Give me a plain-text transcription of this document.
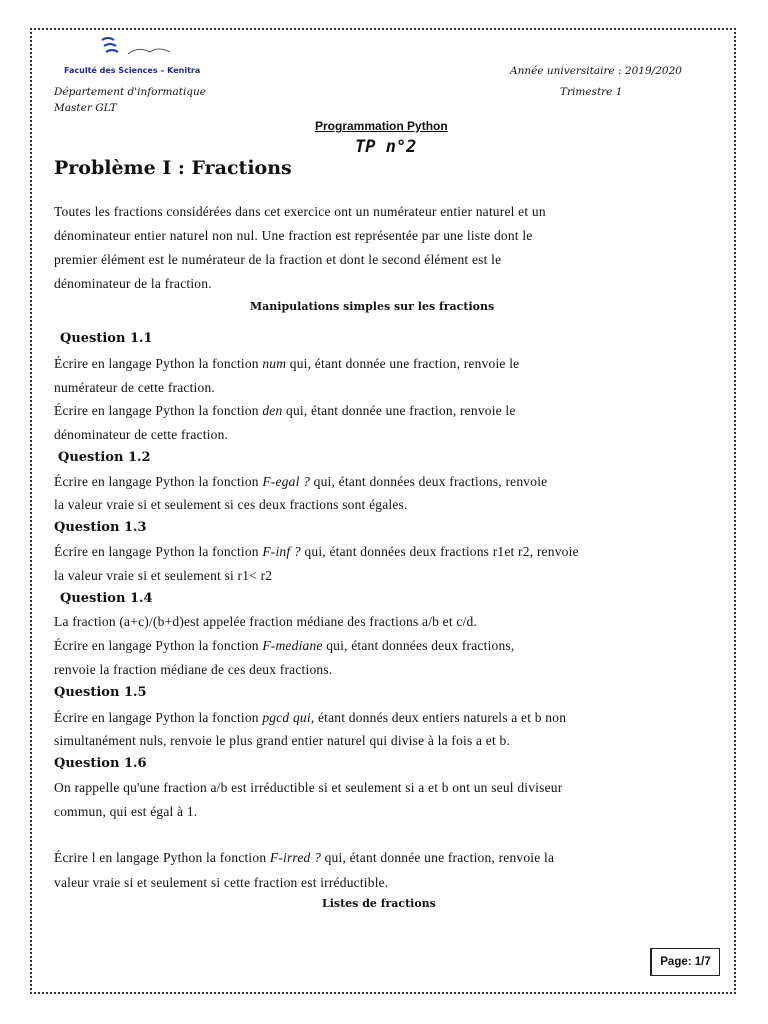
Faculté des Sciences – Kenitra
Département d'informatique
Master GLT
Année universitaire : 2019/2020
Trimestre 1
Programmation Python
TP n°2
Problème I : Fractions
Toutes les fractions considérées dans cet exercice ont un numérateur entier naturel et un
dénominateur entier naturel non nul. Une fraction est représentée par une liste dont le
premier élément est le numérateur de la fraction et dont le second élément est le
dénominateur de la fraction.
Manipulations simples sur les fractions
Question 1.1
Écrire en langage Python la fonction num qui, étant donnée une fraction, renvoie le
numérateur de cette fraction.
Écrire en langage Python la fonction den qui, étant donnée une fraction, renvoie le
dénominateur de cette fraction.
Question 1.2
Écrire en langage Python la fonction F-egal ? qui, étant données deux fractions, renvoie
la valeur vraie si et seulement si ces deux fractions sont égales.
Question 1.3
Écrire en langage Python la fonction F-inf ? qui, étant données deux fractions r1et r2, renvoie
la valeur vraie si et seulement si r1< r2
Question 1.4
La fraction (a+c)/(b+d)est appelée fraction médiane des fractions a/b et c/d.
Écrire en langage Python la fonction F-mediane qui, étant données deux fractions,
renvoie la fraction médiane de ces deux fractions.
Question 1.5
Écrire en langage Python la fonction pgcd qui, étant donnés deux entiers naturels a et b non
simultanément nuls, renvoie le plus grand entier naturel qui divise à la fois a et b.
Question 1.6
On rappelle qu'une fraction a/b est irréductible si et seulement si a et b ont un seul diviseur
commun, qui est égal à 1.
Écrire l en langage Python la fonction F-irred ? qui, étant donnée une fraction, renvoie la
valeur vraie si et seulement si cette fraction est irréductible.
Listes de fractions
Page: 1/7
